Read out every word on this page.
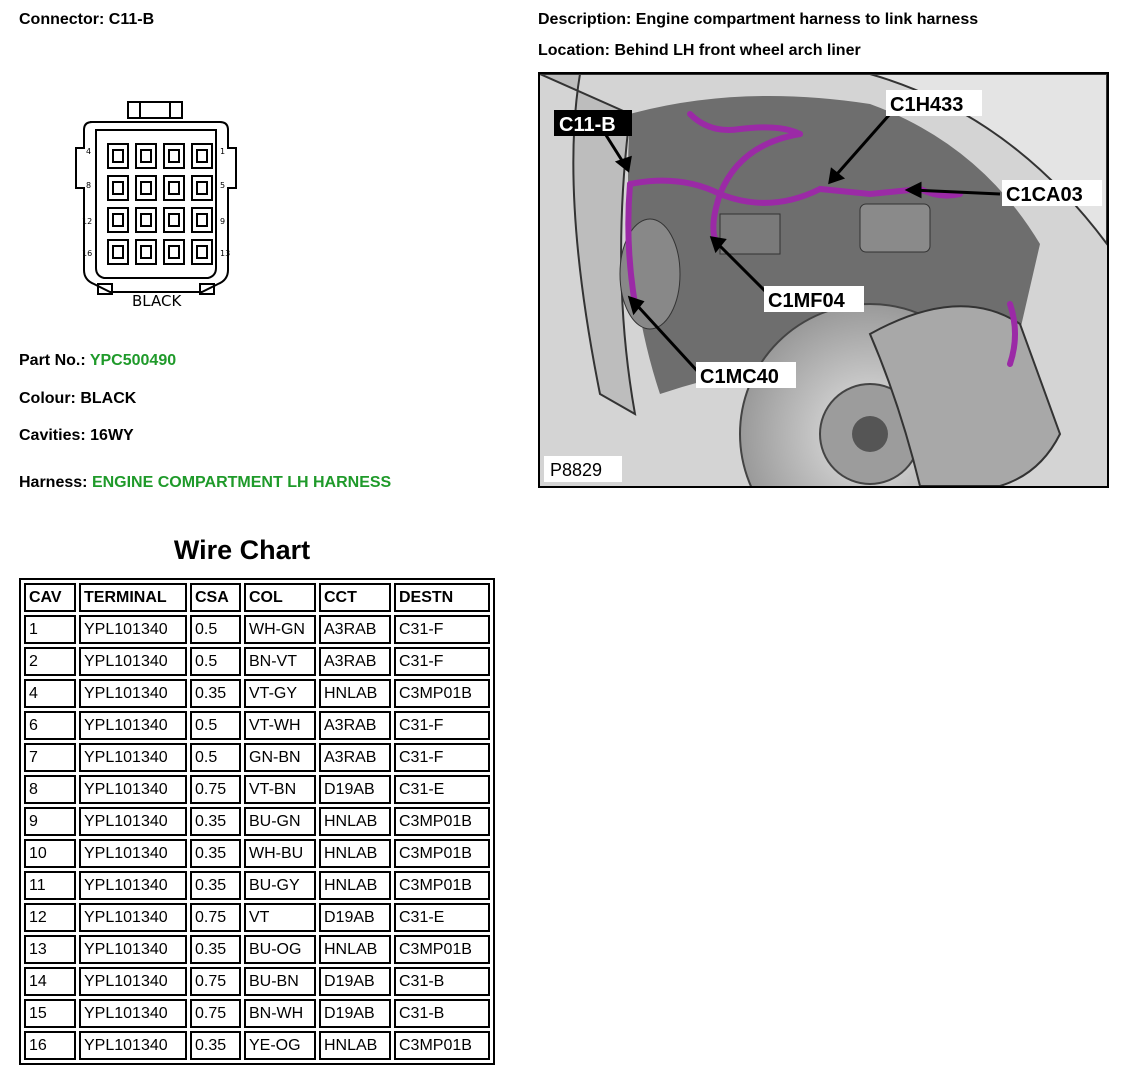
Connector: C11-B	Description: Engine compartment harness to link harness
Location: Behind LH front wheel arch liner
Part No.: YPC500490
Colour: BLACK
Cavities: 16WY
Harness: ENGINE COMPARTMENT LH HARNESS
4	1
8	5
12	9
16	13
BLACK
C11-B
C1H433
C1CA03
C1MF04
C1MC40
P8829
Wire Chart
CAV	TERMINAL	CSA	COL	CCT	DESTN
1	YPL101340	0.5	WH-GN	A3RAB	C31-F
2	YPL101340	0.5	BN-VT	A3RAB	C31-F
4	YPL101340	0.35	VT-GY	HNLAB	C3MP01B
6	YPL101340	0.5	VT-WH	A3RAB	C31-F
7	YPL101340	0.5	GN-BN	A3RAB	C31-F
8	YPL101340	0.75	VT-BN	D19AB	C31-E
9	YPL101340	0.35	BU-GN	HNLAB	C3MP01B
10	YPL101340	0.35	WH-BU	HNLAB	C3MP01B
11	YPL101340	0.35	BU-GY	HNLAB	C3MP01B
12	YPL101340	0.75	VT	D19AB	C31-E
13	YPL101340	0.35	BU-OG	HNLAB	C3MP01B
14	YPL101340	0.75	BU-BN	D19AB	C31-B
15	YPL101340	0.75	BN-WH	D19AB	C31-B
16	YPL101340	0.35	YE-OG	HNLAB	C3MP01B
